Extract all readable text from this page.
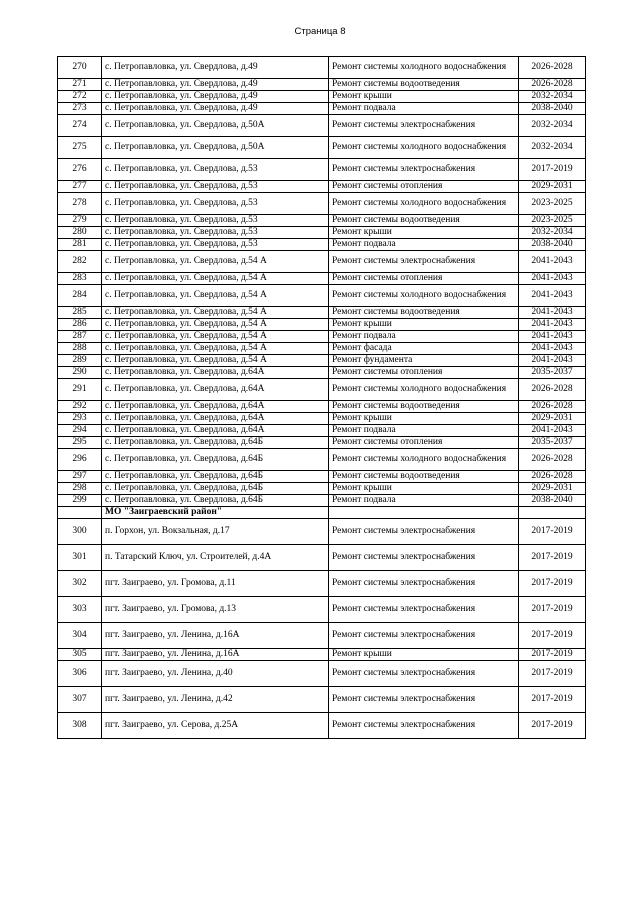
Страница 8
270	с. Петропавловка, ул. Свердлова, д.49	Ремонт системы холодного водоснабжения	2026-2028
271	с. Петропавловка, ул. Свердлова, д.49	Ремонт системы водоотведения	2026-2028
272	с. Петропавловка, ул. Свердлова, д.49	Ремонт крыши	2032-2034
273	с. Петропавловка, ул. Свердлова, д.49	Ремонт подвала	2038-2040
274	с. Петропавловка, ул. Свердлова, д.50А	Ремонт системы электроснабжения	2032-2034
275	с. Петропавловка, ул. Свердлова, д.50А	Ремонт системы холодного водоснабжения	2032-2034
276	с. Петропавловка, ул. Свердлова, д.53	Ремонт системы электроснабжения	2017-2019
277	с. Петропавловка, ул. Свердлова, д.53	Ремонт системы отопления	2029-2031
278	с. Петропавловка, ул. Свердлова, д.53	Ремонт системы холодного водоснабжения	2023-2025
279	с. Петропавловка, ул. Свердлова, д.53	Ремонт системы водоотведения	2023-2025
280	с. Петропавловка, ул. Свердлова, д.53	Ремонт крыши	2032-2034
281	с. Петропавловка, ул. Свердлова, д.53	Ремонт подвала	2038-2040
282	с. Петропавловка, ул. Свердлова, д.54 А	Ремонт системы электроснабжения	2041-2043
283	с. Петропавловка, ул. Свердлова, д.54 А	Ремонт системы отопления	2041-2043
284	с. Петропавловка, ул. Свердлова, д.54 А	Ремонт системы холодного водоснабжения	2041-2043
285	с. Петропавловка, ул. Свердлова, д.54 А	Ремонт системы водоотведения	2041-2043
286	с. Петропавловка, ул. Свердлова, д.54 А	Ремонт крыши	2041-2043
287	с. Петропавловка, ул. Свердлова, д.54 А	Ремонт подвала	2041-2043
288	с. Петропавловка, ул. Свердлова, д.54 А	Ремонт фасада	2041-2043
289	с. Петропавловка, ул. Свердлова, д.54 А	Ремонт фундамента	2041-2043
290	с. Петропавловка, ул. Свердлова, д.64А	Ремонт системы отопления	2035-2037
291	с. Петропавловка, ул. Свердлова, д.64А	Ремонт системы холодного водоснабжения	2026-2028
292	с. Петропавловка, ул. Свердлова, д.64А	Ремонт системы водоотведения	2026-2028
293	с. Петропавловка, ул. Свердлова, д.64А	Ремонт крыши	2029-2031
294	с. Петропавловка, ул. Свердлова, д.64А	Ремонт подвала	2041-2043
295	с. Петропавловка, ул. Свердлова, д.64Б	Ремонт системы отопления	2035-2037
296	с. Петропавловка, ул. Свердлова, д.64Б	Ремонт системы холодного водоснабжения	2026-2028
297	с. Петропавловка, ул. Свердлова, д.64Б	Ремонт системы водоотведения	2026-2028
298	с. Петропавловка, ул. Свердлова, д.64Б	Ремонт крыши	2029-2031
299	с. Петропавловка, ул. Свердлова, д.64Б	Ремонт подвала	2038-2040
	МО "Заиграевский район"		
300	п. Горхон, ул. Вокзальная, д.17	Ремонт системы электроснабжения	2017-2019
301	п. Татарский Ключ, ул. Строителей, д.4А	Ремонт системы электроснабжения	2017-2019
302	пгт. Заиграево, ул. Громова, д.11	Ремонт системы электроснабжения	2017-2019
303	пгт. Заиграево, ул. Громова, д.13	Ремонт системы электроснабжения	2017-2019
304	пгт. Заиграево, ул. Ленина, д.16А	Ремонт системы электроснабжения	2017-2019
305	пгт. Заиграево, ул. Ленина, д.16А	Ремонт крыши	2017-2019
306	пгт. Заиграево, ул. Ленина, д.40	Ремонт системы электроснабжения	2017-2019
307	пгт. Заиграево, ул. Ленина, д.42	Ремонт системы электроснабжения	2017-2019
308	пгт. Заиграево, ул. Серова, д.25А	Ремонт системы электроснабжения	2017-2019
